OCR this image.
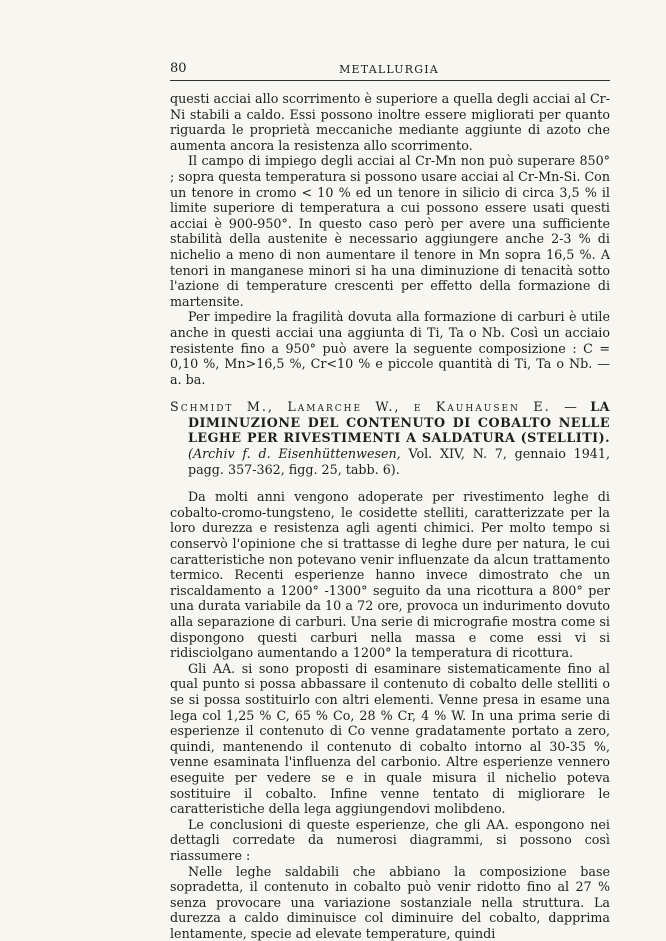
80	METALLURGIA

questi acciai allo scorrimento è superiore a quella degli acciai al Cr-Ni stabili a caldo. Essi possono inoltre essere migliorati per quanto riguarda le proprietà meccaniche mediante aggiunte di azoto che aumenta ancora la resistenza allo scorrimento.

Il campo di impiego degli acciai al Cr-Mn non può superare 850° ; sopra questa temperatura si possono usare acciai al Cr-Mn-Si. Con un tenore in cromo < 10 % ed un tenore in silicio di circa 3,5 % il limite superiore di temperatura a cui possono essere usati questi acciai è 900-950°. In questo caso però per avere una sufficiente stabilità della austenite è necessario aggiungere anche 2-3 % di nichelio a meno di non aumentare il tenore in Mn sopra 16,5 %. A tenori in manganese minori si ha una diminuzione di tenacità sotto l'azione di temperature crescenti per effetto della formazione di martensite.

Per impedire la fragilità dovuta alla formazione di carburi è utile anche in questi acciai una aggiunta di Ti, Ta o Nb. Così un acciaio resistente fino a 950° può avere la seguente composizione : C = 0,10 %, Mn>16,5 %, Cr<10 % e piccole quantità di Ti, Ta o Nb. — a. ba.

Schmidt M., Lamarche W., e Kauhausen E. — LA DIMINUZIONE DEL CONTENUTO DI COBALTO NELLE LEGHE PER RIVESTIMENTI A SALDATURA (STELLITI). (Archiv f. d. Eisenhüttenwesen, Vol. XIV, N. 7, gennaio 1941, pagg. 357-362, figg. 25, tabb. 6).

Da molti anni vengono adoperate per rivestimento leghe di cobalto-cromo-tungsteno, le cosidette stelliti, caratterizzate per la loro durezza e resistenza agli agenti chimici. Per molto tempo si conservò l'opinione che si trattasse di leghe dure per natura, le cui caratteristiche non potevano venir influenzate da alcun trattamento termico. Recenti esperienze hanno invece dimostrato che un riscaldamento a 1200° -1300° seguito da una ricottura a 800° per una durata variabile da 10 a 72 ore, provoca un indurimento dovuto alla separazione di carburi. Una serie di micrografie mostra come si dispongono questi carburi nella massa e come essi vi si ridisciolgano aumentando a 1200° la temperatura di ricottura.

Gli AA. si sono proposti di esaminare sistematicamente fino al qual punto si possa abbassare il contenuto di cobalto delle stelliti o se si possa sostituirlo con altri elementi. Venne presa in esame una lega col 1,25 % C, 65 % Co, 28 % Cr, 4 % W. In una prima serie di esperienze il contenuto di Co venne gradatamente portato a zero, quindi, mantenendo il contenuto di cobalto intorno al 30-35 %, venne esaminata l'influenza del carbonio. Altre esperienze vennero eseguite per vedere se e in quale misura il nichelio poteva sostituire il cobalto. Infine venne tentato di migliorare le caratteristiche della lega aggiungendovi molibdeno.

Le conclusioni di queste esperienze, che gli AA. espongono nei dettagli corredate da numerosi diagrammi, si possono così riassumere :

Nelle leghe saldabili che abbiano la composizione base sopradetta, il contenuto in cobalto può venir ridotto fino al 27 % senza provocare una variazione sostanziale nella struttura. La durezza a caldo diminuisce col diminuire del cobalto, dapprima lentamente, specie ad elevate temperature, quindi
